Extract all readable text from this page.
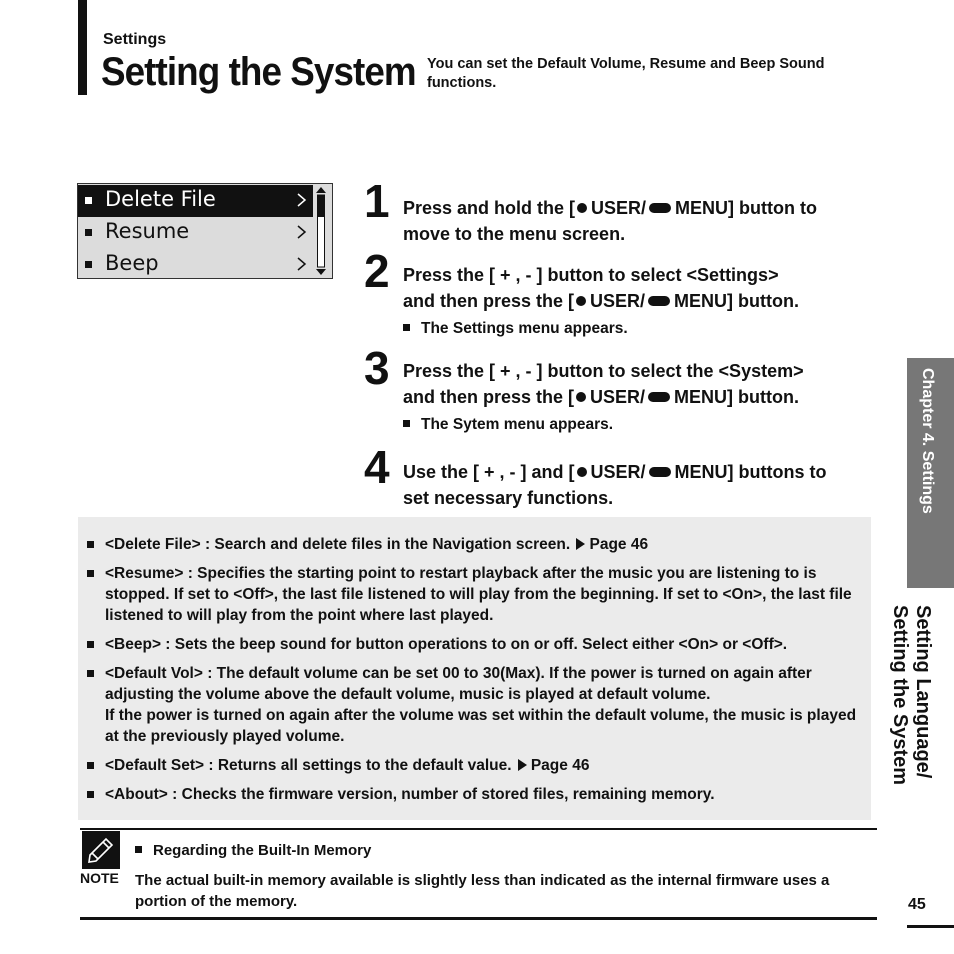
Settings
Setting the System You can set the Default Volume, Resume and Beep Sound functions.
Delete File
Resume
Beep
1 Press and hold the [ USER/ MENU] button to
move to the menu screen.
2 Press the [ + , - ] button to select <Settings>
and then press the [ USER/ MENU] button.
The Settings menu appears.
3 Press the [ + , - ] button to select the <System>
and then press the [ USER/ MENU] button.
The Sytem menu appears.
4 Use the [ + , - ] and [ USER/ MENU] buttons to
set necessary functions.
<Delete File> : Search and delete files in the Navigation screen. Page 46
<Resume> : Specifies the starting point to restart playback after the music you are listening to is stopped. If set to <Off>, the last file listened to will play from the beginning. If set to <On>, the last file listened to will play from the point where last played.
<Beep> : Sets the beep sound for button operations to on or off. Select either <On> or <Off>.
<Default Vol> : The default volume can be set 00 to 30(Max). If the power is turned on again after adjusting the volume above the default volume, music is played at default volume.
If the power is turned on again after the volume was set within the default volume, the music is played at the previously played volume.
<Default Set> : Returns all settings to the default value. Page 46
<About> : Checks the firmware version, number of stored files, remaining memory.
NOTE
Regarding the Built-In Memory
The actual built-in memory available is slightly less than indicated as the internal firmware uses a portion of the memory.
Chapter 4. Settings
Setting Language/
Setting the System
45
